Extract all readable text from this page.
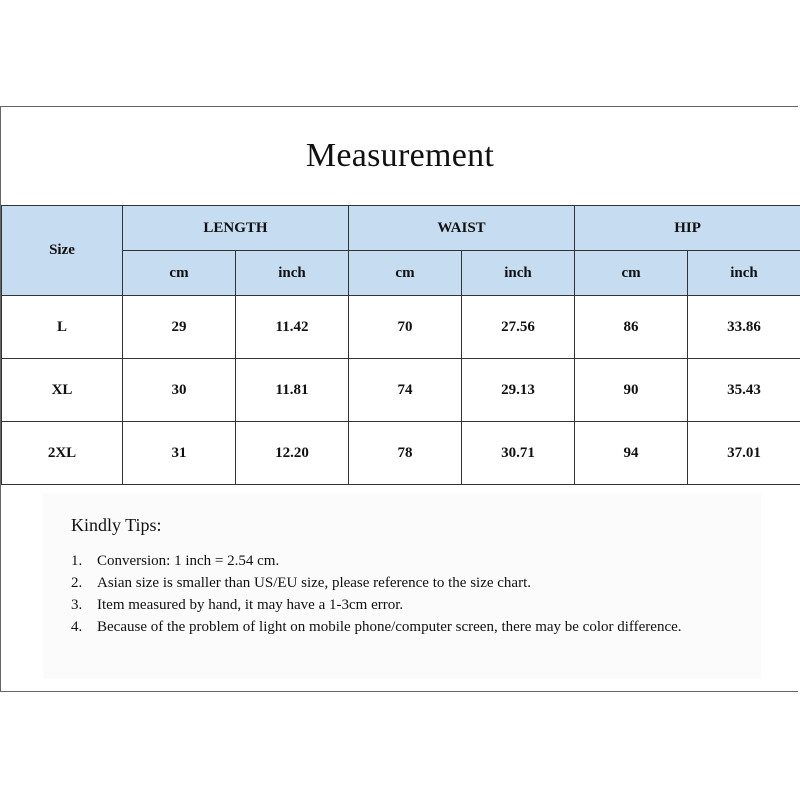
Measurement
Size	LENGTH		WAIST		HIP	
	cm	inch	cm	inch	cm	inch
L	29	11.42	70	27.56	86	33.86
XL	30	11.81	74	29.13	90	35.43
2XL	31	12.20	78	30.71	94	37.01

Kindly Tips:

1. Conversion: 1 inch = 2.54 cm.
2. Asian size is smaller than US/EU size, please reference to the size chart.
3. Item measured by hand, it may have a 1-3cm error.
4. Because of the problem of light on mobile phone/computer screen, there may be color difference.
